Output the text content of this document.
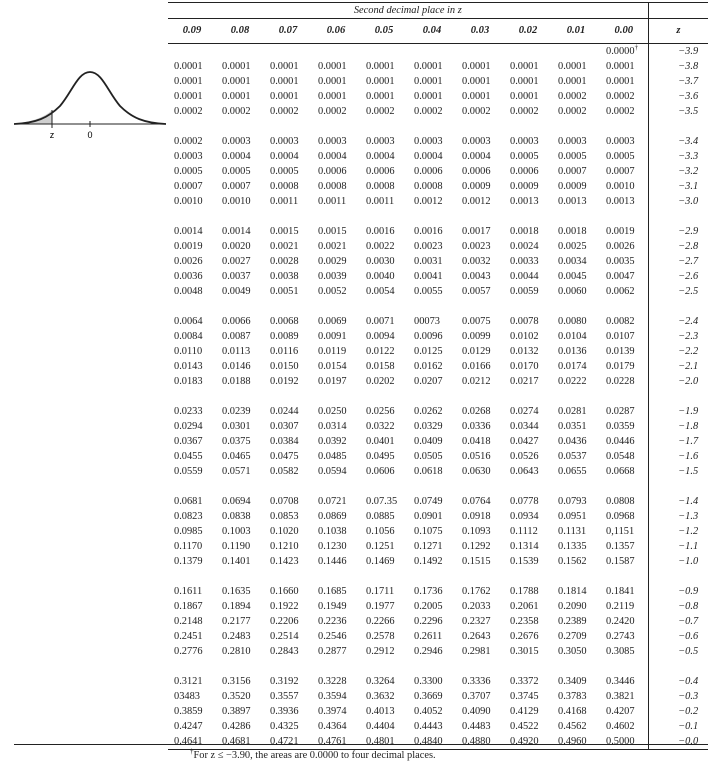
z	0
Second decimal place in z										
0.09	0.08	0.07	0.06	0.05	0.04	0.03	0.02	0.01	0.00	z
									0.0000†	−3.9
0.0001	0.0001	0.0001	0.0001	0.0001	0.0001	0.0001	0.0001	0.0001	0.0001	−3.8
0.0001	0.0001	0.0001	0.0001	0.0001	0.0001	0.0001	0.0001	0.0001	0.0001	−3.7
0.0001	0.0001	0.0001	0.0001	0.0001	0.0001	0.0001	0.0001	0.0002	0.0002	−3.6
0.0002	0.0002	0.0002	0.0002	0.0002	0.0002	0.0002	0.0002	0.0002	0.0002	−3.5

0.0002	0.0003	0.0003	0.0003	0.0003	0.0003	0.0003	0.0003	0.0003	0.0003	−3.4
0.0003	0.0004	0.0004	0.0004	0.0004	0.0004	0.0004	0.0005	0.0005	0.0005	−3.3
0.0005	0.0005	0.0005	0.0006	0.0006	0.0006	0.0006	0.0006	0.0007	0.0007	−3.2
0.0007	0.0007	0.0008	0.0008	0.0008	0.0008	0.0009	0.0009	0.0009	0.0010	−3.1
0.0010	0.0010	0.0011	0.0011	0.0011	0.0012	0.0012	0.0013	0.0013	0.0013	−3.0

0.0014	0.0014	0.0015	0.0015	0.0016	0.0016	0.0017	0.0018	0.0018	0.0019	−2.9
0.0019	0.0020	0.0021	0.0021	0.0022	0.0023	0.0023	0.0024	0.0025	0.0026	−2.8
0.0026	0.0027	0.0028	0.0029	0.0030	0.0031	0.0032	0.0033	0.0034	0.0035	−2.7
0.0036	0.0037	0.0038	0.0039	0.0040	0.0041	0.0043	0.0044	0.0045	0.0047	−2.6
0.0048	0.0049	0.0051	0.0052	0.0054	0.0055	0.0057	0.0059	0.0060	0.0062	−2.5

0.0064	0.0066	0.0068	0.0069	0.0071	00073	0.0075	0.0078	0.0080	0.0082	−2.4
0.0084	0.0087	0.0089	0.0091	0.0094	0.0096	0.0099	0.0102	0.0104	0.0107	−2.3
0.0110	0.0113	0.0116	0.0119	0.0122	0.0125	0.0129	0.0132	0.0136	0.0139	−2.2
0.0143	0.0146	0.0150	0.0154	0.0158	0.0162	0.0166	0.0170	0.0174	0.0179	−2.1
0.0183	0.0188	0.0192	0.0197	0.0202	0.0207	0.0212	0.0217	0.0222	0.0228	−2.0

0.0233	0.0239	0.0244	0.0250	0.0256	0.0262	0.0268	0.0274	0.0281	0.0287	−1.9
0.0294	0.0301	0.0307	0.0314	0.0322	0.0329	0.0336	0.0344	0.0351	0.0359	−1.8
0.0367	0.0375	0.0384	0.0392	0.0401	0.0409	0.0418	0.0427	0.0436	0.0446	−1.7
0.0455	0.0465	0.0475	0.0485	0.0495	0.0505	0.0516	0.0526	0.0537	0.0548	−1.6
0.0559	0.0571	0.0582	0.0594	0.0606	0.0618	0.0630	0.0643	0.0655	0.0668	−1.5

0.0681	0.0694	0.0708	0.0721	0.07.35	0.0749	0.0764	0.0778	0.0793	0.0808	−1.4
0.0823	0.0838	0.0853	0.0869	0.0885	0.0901	0.0918	0.0934	0.0951	0.0968	−1.3
0.0985	0.1003	0.1020	0.1038	0.1056	0.1075	0.1093	0.1112	0.1131	0,1151	−1.2
0.1170	0.1190	0.1210	0.1230	0.1251	0.1271	0.1292	0.1314	0.1335	0.1357	−1.1
0.1379	0.1401	0.1423	0.1446	0.1469	0.1492	0.1515	0.1539	0.1562	0.1587	−1.0

0.1611	0.1635	0.1660	0.1685	0.1711	0.1736	0.1762	0.1788	0.1814	0.1841	−0.9
0.1867	0.1894	0.1922	0.1949	0.1977	0.2005	0.2033	0.2061	0.2090	0.2119	−0.8
0.2148	0.2177	0.2206	0.2236	0.2266	0.2296	0.2327	0.2358	0.2389	0.2420	−0.7
0.2451	0.2483	0.2514	0.2546	0.2578	0.2611	0.2643	0.2676	0.2709	0.2743	−0.6
0.2776	0.2810	0.2843	0.2877	0.2912	0.2946	0.2981	0.3015	0.3050	0.3085	−0.5

0.3121	0.3156	0.3192	0.3228	0.3264	0.3300	0.3336	0.3372	0.3409	0.3446	−0.4
03483	0.3520	0.3557	0.3594	0.3632	0.3669	0.3707	0.3745	0.3783	0.3821	−0.3
0.3859	0.3897	0.3936	0.3974	0.4013	0.4052	0.4090	0.4129	0.4168	0.4207	−0.2
0.4247	0.4286	0.4325	0.4364	0.4404	0.4443	0.4483	0.4522	0.4562	0.4602	−0.1
0.4641	0.4681	0.4721	0.4761	0.4801	0.4840	0.4880	0.4920	0.4960	0.5000	−0.0
†For z ≤ −3.90, the areas are 0.0000 to four decimal places.
